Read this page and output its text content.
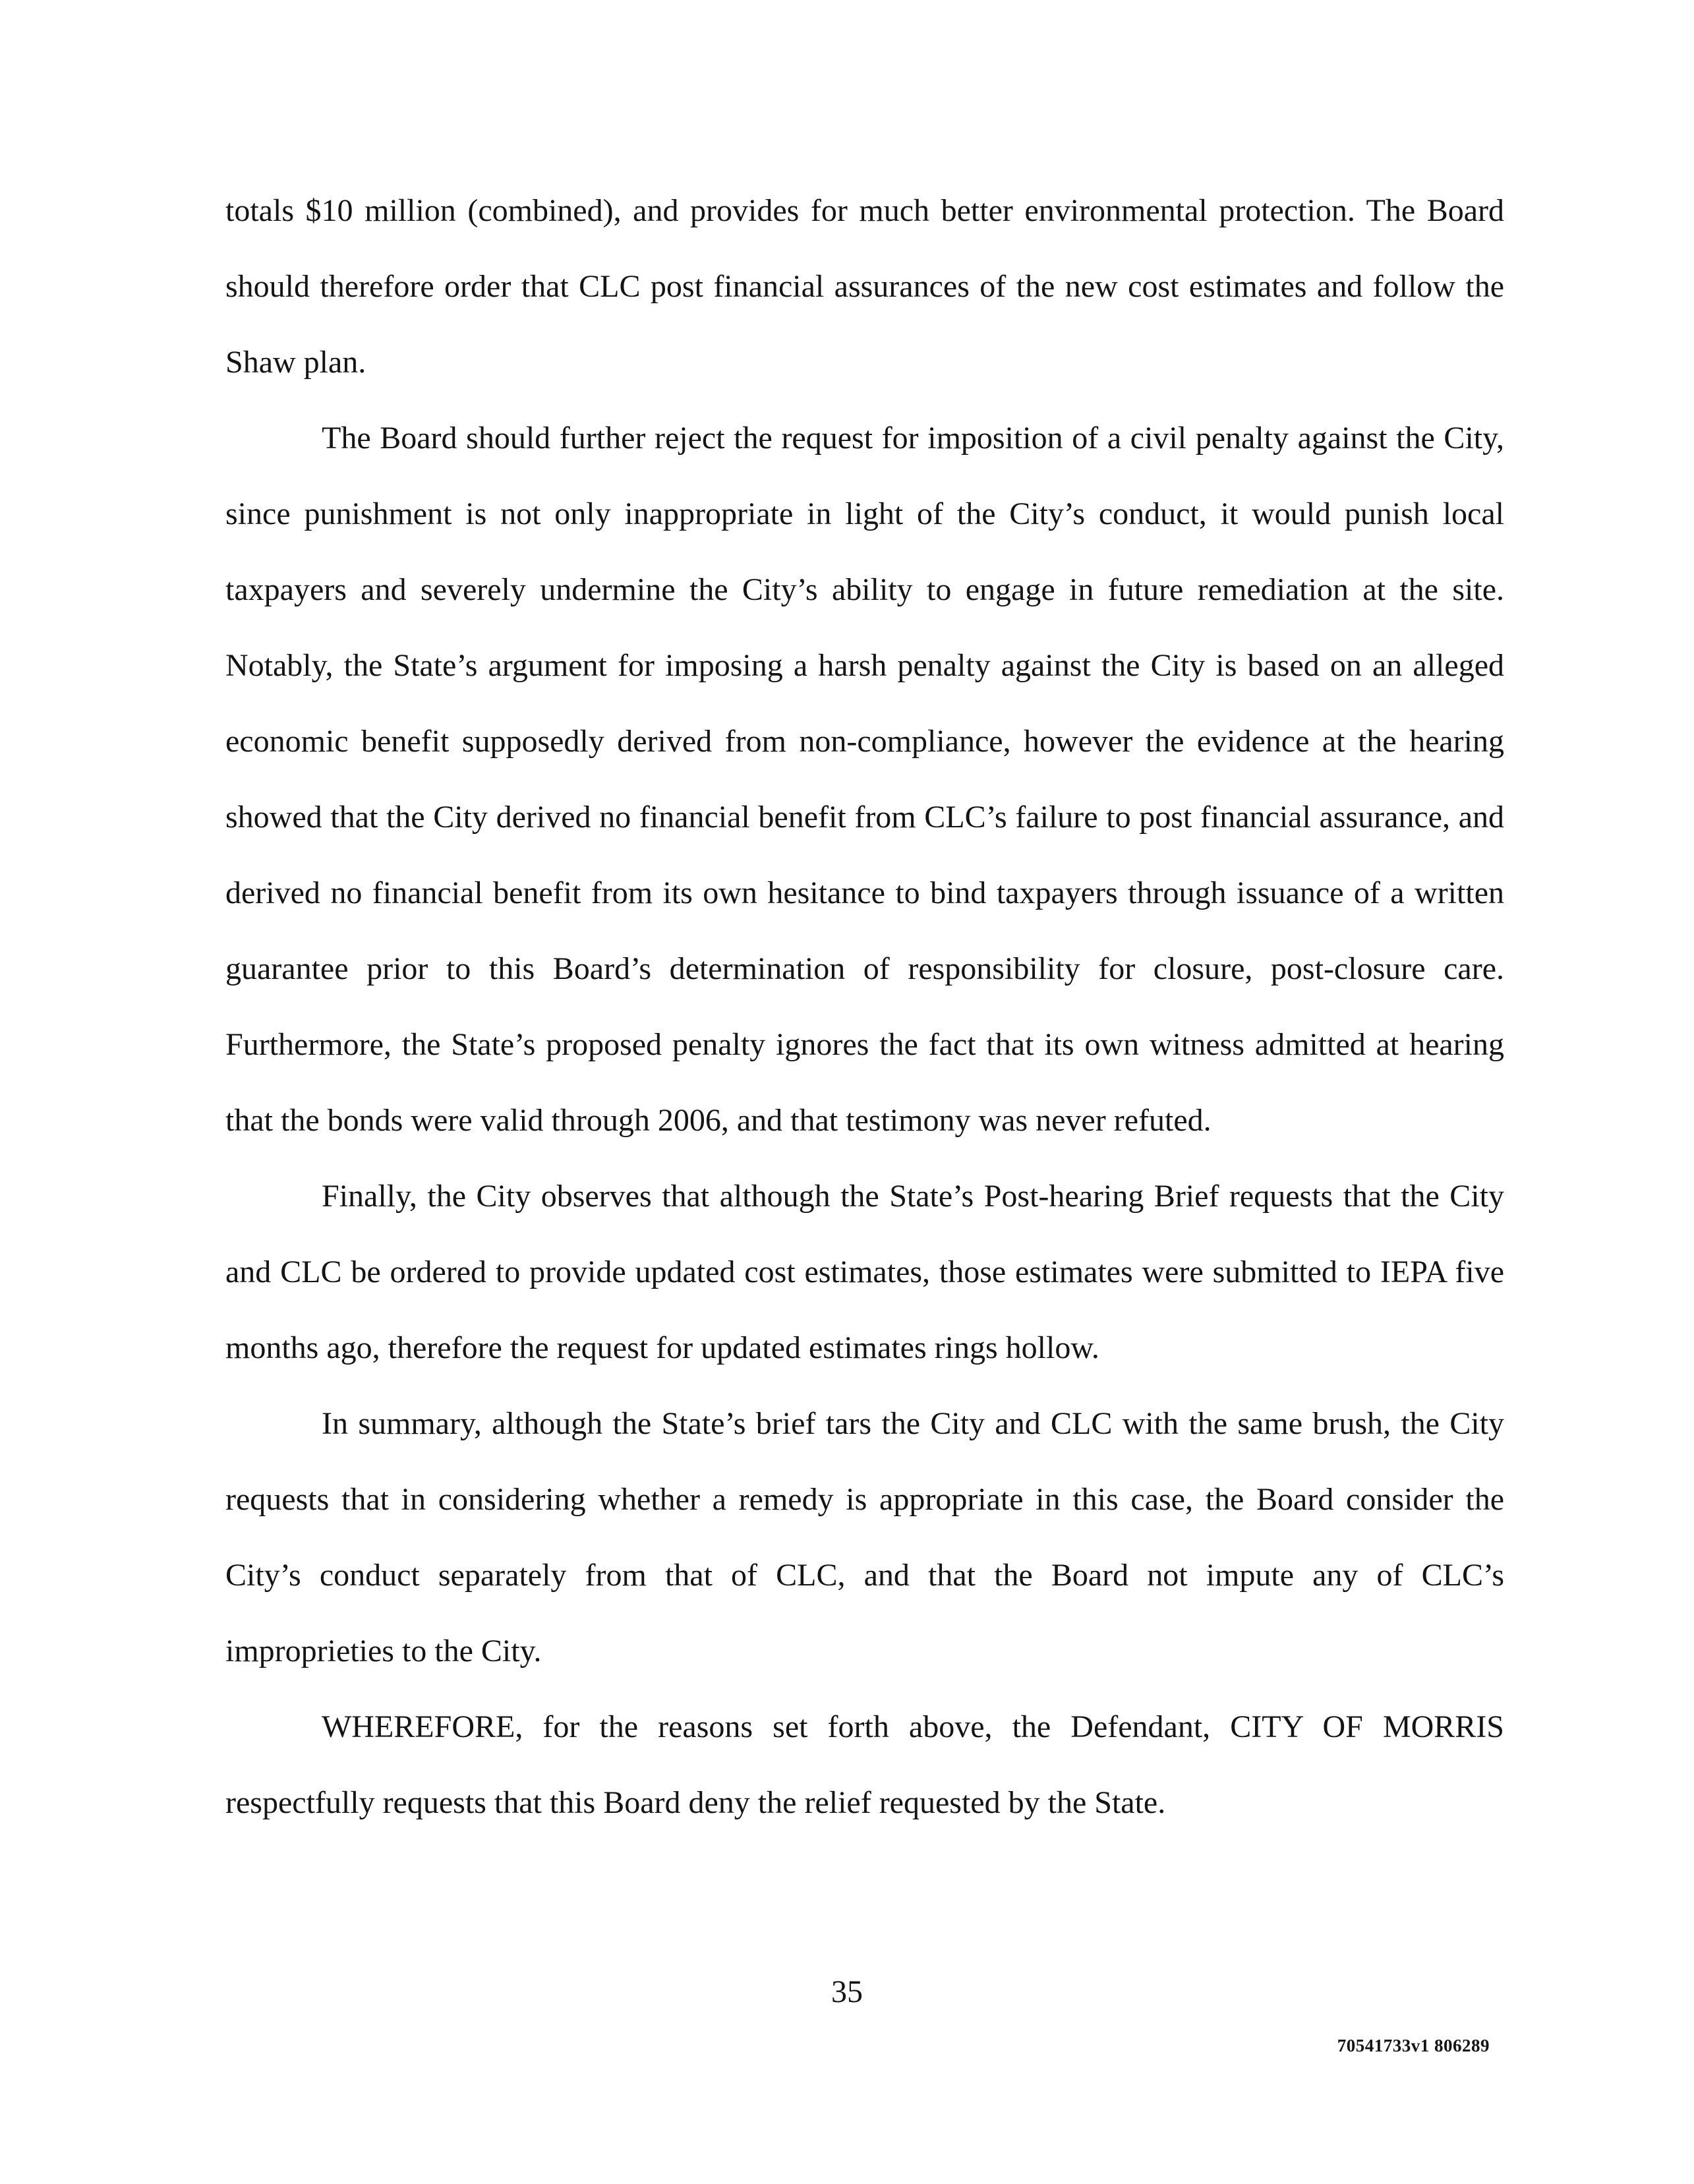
totals $10 million (combined), and provides for much better environmental protection. The Board should therefore order that CLC post financial assurances of the new cost estimates and follow the Shaw plan.

The Board should further reject the request for imposition of a civil penalty against the City, since punishment is not only inappropriate in light of the City’s conduct, it would punish local taxpayers and severely undermine the City’s ability to engage in future remediation at the site. Notably, the State’s argument for imposing a harsh penalty against the City is based on an alleged economic benefit supposedly derived from non-compliance, however the evidence at the hearing showed that the City derived no financial benefit from CLC’s failure to post financial assurance, and derived no financial benefit from its own hesitance to bind taxpayers through issuance of a written guarantee prior to this Board’s determination of responsibility for closure, post-closure care. Furthermore, the State’s proposed penalty ignores the fact that its own witness admitted at hearing that the bonds were valid through 2006, and that testimony was never refuted.

Finally, the City observes that although the State’s Post-hearing Brief requests that the City and CLC be ordered to provide updated cost estimates, those estimates were submitted to IEPA five months ago, therefore the request for updated estimates rings hollow.

In summary, although the State’s brief tars the City and CLC with the same brush, the City requests that in considering whether a remedy is appropriate in this case, the Board consider the City’s conduct separately from that of CLC, and that the Board not impute any of CLC’s improprieties to the City.

WHEREFORE, for the reasons set forth above, the Defendant, CITY OF MORRIS respectfully requests that this Board deny the relief requested by the State.

35
70541733v1 806289
